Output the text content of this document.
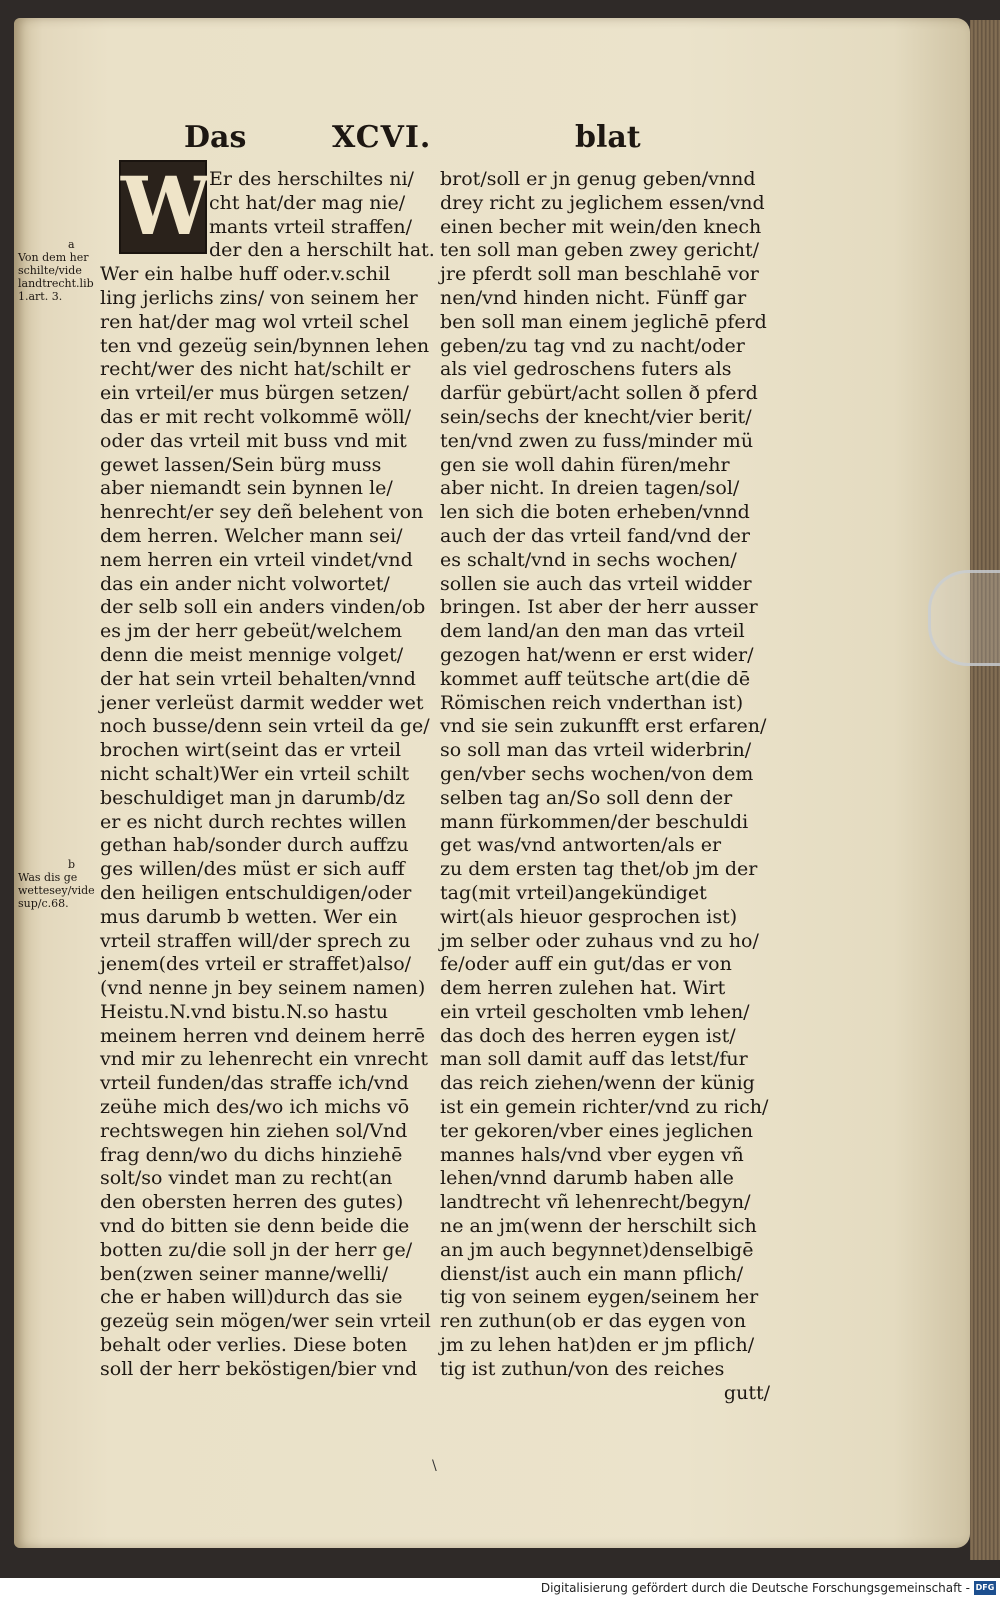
Das	XCVI.	blat
W
a
Von dem her
schilte/vide
landtrecht.lib
1.art. 3.
b
Was dis ge
wettesey/vide
sup/c.68.
Er des herschiltes ni/
cht hat/der mag nie/
mants vrteil straffen/
der den a herschilt hat.
Wer ein halbe huff oder.v.schil
ling jerlichs zins/ von seinem her
ren hat/der mag wol vrteil schel
ten vnd gezeüg sein/bynnen lehen
recht/wer des nicht hat/schilt er
ein vrteil/er mus bürgen setzen/
das er mit recht volkommē wöll/
oder das vrteil mit buss vnd mit
gewet lassen/Sein bürg muss
aber niemandt sein bynnen le/
henrecht/er sey deñ belehent von
dem herren. Welcher mann sei/
nem herren ein vrteil vindet/vnd
das ein ander nicht volwortet/
der selb soll ein anders vinden/ob
es jm der herr gebeüt/welchem
denn die meist mennige volget/
der hat sein vrteil behalten/vnnd
jener verleüst darmit wedder wet
noch busse/denn sein vrteil da ge/
brochen wirt(seint das er vrteil
nicht schalt)Wer ein vrteil schilt
beschuldiget man jn darumb/dz
er es nicht durch rechtes willen
gethan hab/sonder durch auffzu
ges willen/des müst er sich auff
den heiligen entschuldigen/oder
mus darumb b wetten. Wer ein
vrteil straffen will/der sprech zu
jenem(des vrteil er straffet)also/
(vnd nenne jn bey seinem namen)
Heistu.N.vnd bistu.N.so hastu
meinem herren vnd deinem herrē
vnd mir zu lehenrecht ein vnrecht
vrteil funden/das straffe ich/vnd
zeühe mich des/wo ich michs vō
rechtswegen hin ziehen sol/Vnd
frag denn/wo du dichs hinziehē
solt/so vindet man zu recht(an
den obersten herren des gutes)
vnd do bitten sie denn beide die
botten zu/die soll jn der herr ge/
ben(zwen seiner manne/welli/
che er haben will)durch das sie
gezeüg sein mögen/wer sein vrteil
behalt oder verlies. Diese boten
soll der herr beköstigen/bier vnd
brot/soll er jn genug geben/vnnd
drey richt zu jeglichem essen/vnd
einen becher mit wein/den knech
ten soll man geben zwey gericht/
jre pferdt soll man beschlahē vor
nen/vnd hinden nicht. Fünff gar
ben soll man einem jeglichē pferd
geben/zu tag vnd zu nacht/oder
als viel gedroschens futers als
darfür gebürt/acht sollen ð pferd
sein/sechs der knecht/vier berit/
ten/vnd zwen zu fuss/minder mü
gen sie woll dahin füren/mehr
aber nicht. In dreien tagen/sol/
len sich die boten erheben/vnnd
auch der das vrteil fand/vnd der
es schalt/vnd in sechs wochen/
sollen sie auch das vrteil widder
bringen. Ist aber der herr ausser
dem land/an den man das vrteil
gezogen hat/wenn er erst wider/
kommet auff teütsche art(die dē
Römischen reich vnderthan ist)
vnd sie sein zukunfft erst erfaren/
so soll man das vrteil widerbrin/
gen/vber sechs wochen/von dem
selben tag an/So soll denn der
mann fürkommen/der beschuldi
get was/vnd antworten/als er
zu dem ersten tag thet/ob jm der
tag(mit vrteil)angekündiget
wirt(als hieuor gesprochen ist)
jm selber oder zuhaus vnd zu ho/
fe/oder auff ein gut/das er von
dem herren zulehen hat. Wirt
ein vrteil gescholten vmb lehen/
das doch des herren eygen ist/
man soll damit auff das letst/fur
das reich ziehen/wenn der künig
ist ein gemein richter/vnd zu rich/
ter gekoren/vber eines jeglichen
mannes hals/vnd vber eygen vñ
lehen/vnnd darumb haben alle
landtrecht vñ lehenrecht/begyn/
ne an jm(wenn der herschilt sich
an jm auch begynnet)denselbigē
dienst/ist auch ein mann pflich/
tig von seinem eygen/seinem her
ren zuthun(ob er das eygen von
jm zu lehen hat)den er jm pflich/
tig ist zuthun/von des reiches
gutt/
\
Digitalisierung gefördert durch die Deutsche Forschungsgemeinschaft - DFG
